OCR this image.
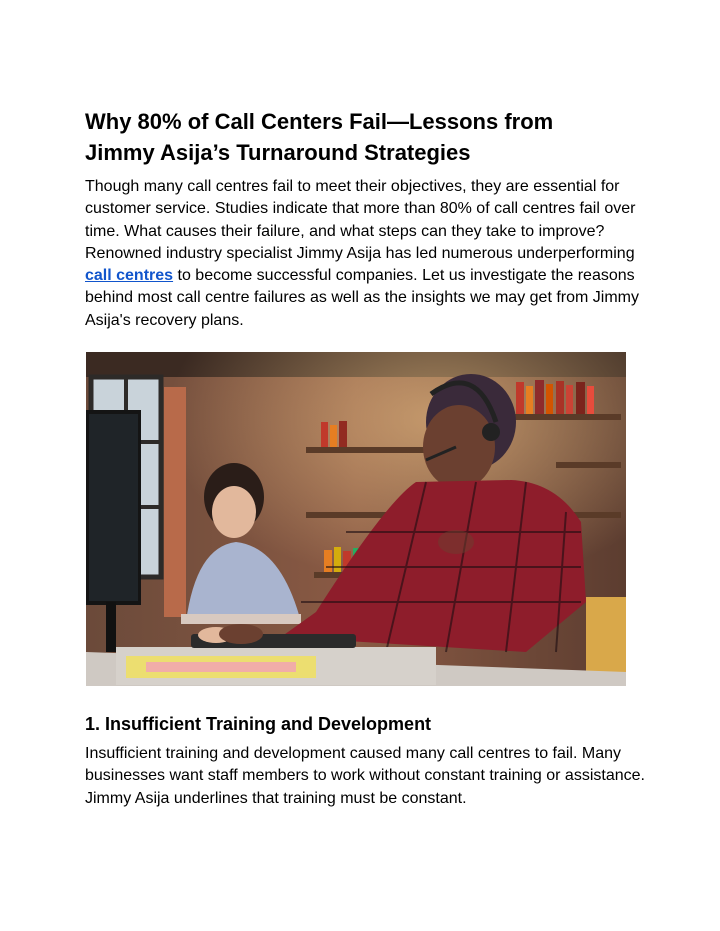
Why 80% of Call Centers Fail—Lessons from
Jimmy Asija’s Turnaround Strategies

Though many call centres fail to meet their objectives, they are essential for customer service. Studies indicate that more than 80% of call centres fail over time. What causes their failure, and what steps can they take to improve? Renowned industry specialist Jimmy Asija has led numerous underperforming call centres to become successful companies. Let us investigate the reasons behind most call centre failures as well as the insights we may get from Jimmy Asija's recovery plans.

1. Insufficient Training and Development

Insufficient training and development caused many call centres to fail. Many businesses want staff members to work without constant training or assistance. Jimmy Asija underlines that training must be constant.
